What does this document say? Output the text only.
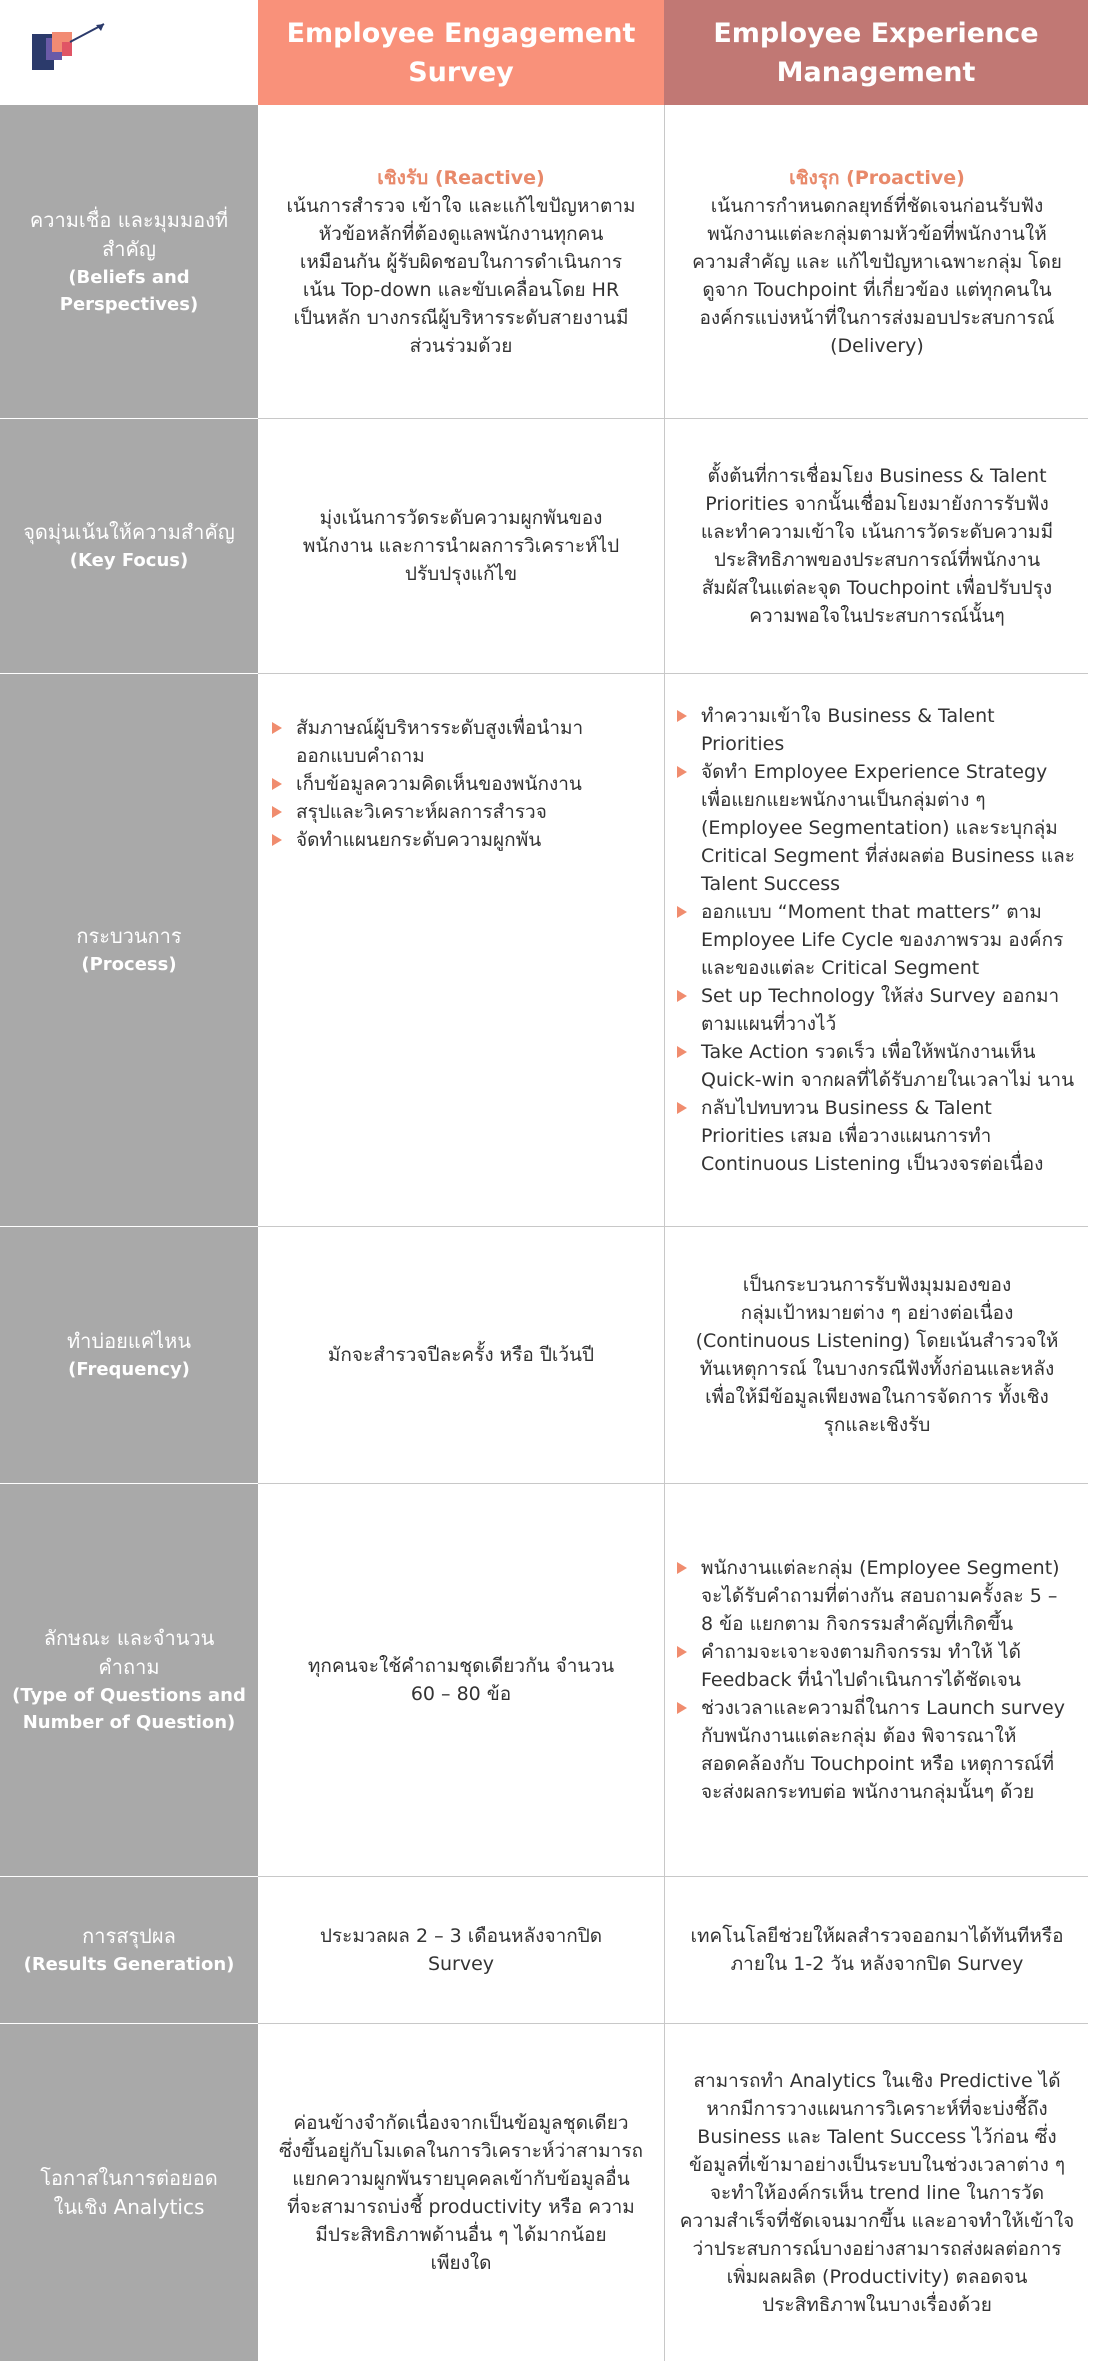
Employee Engagement
Survey
Employee Experience
Management
ความเชื่อ และมุมมองที่
สำคัญ
(Beliefs and
Perspectives)
เชิงรับ (Reactive)
เน้นการสำรวจ เข้าใจ และแก้ไขปัญหาตาม
หัวข้อหลักที่ต้องดูแลพนักงานทุกคน
เหมือนกัน ผู้รับผิดชอบในการดำเนินการ
เน้น Top-down และขับเคลื่อนโดย HR
เป็นหลัก บางกรณีผู้บริหารระดับสายงานมี
ส่วนร่วมด้วย
เชิงรุก (Proactive)
เน้นการกำหนดกลยุทธ์ที่ชัดเจนก่อนรับฟัง
พนักงานแต่ละกลุ่มตามหัวข้อที่พนักงานให้
ความสำคัญ และ แก้ไขปัญหาเฉพาะกลุ่ม โดย
ดูจาก Touchpoint ที่เกี่ยวข้อง แต่ทุกคนใน
องค์กรแบ่งหน้าที่ในการส่งมอบประสบการณ์
(Delivery)
จุดมุ่นเน้นให้ความสำคัญ
(Key Focus)
มุ่งเน้นการวัดระดับความผูกพันของ
พนักงาน และการนำผลการวิเคราะห์ไป
ปรับปรุงแก้ไข
ตั้งต้นที่การเชื่อมโยง Business & Talent
Priorities จากนั้นเชื่อมโยงมายังการรับฟัง
และทำความเข้าใจ เน้นการวัดระดับความมี
ประสิทธิภาพของประสบการณ์ที่พนักงาน
สัมผัสในแต่ละจุด Touchpoint เพื่อปรับปรุง
ความพอใจในประสบการณ์นั้นๆ
กระบวนการ
(Process)
สัมภาษณ์ผู้บริหารระดับสูงเพื่อนำมา ออกแบบคำถาม
เก็บข้อมูลความคิดเห็นของพนักงาน
สรุปและวิเคราะห์ผลการสำรวจ
จัดทำแผนยกระดับความผูกพัน
ทำความเข้าใจ Business & Talent Priorities
จัดทำ Employee Experience Strategy เพื่อแยกแยะพนักงานเป็นกลุ่มต่าง ๆ (Employee Segmentation) และระบุกลุ่ม Critical Segment ที่ส่งผลต่อ Business และ Talent Success
ออกแบบ “Moment that matters” ตาม Employee Life Cycle ของภาพรวม องค์กร และของแต่ละ Critical Segment
Set up Technology ให้ส่ง Survey ออกมาตามแผนที่วางไว้
Take Action รวดเร็ว เพื่อให้พนักงานเห็น Quick-win จากผลที่ได้รับภายในเวลาไม่ นาน
กลับไปทบทวน Business & Talent Priorities เสมอ เพื่อวางแผนการทำ Continuous Listening เป็นวงจรต่อเนื่อง
ทำบ่อยแค่ไหน
(Frequency)
มักจะสำรวจปีละครั้ง หรือ ปีเว้นปี
เป็นกระบวนการรับฟังมุมมองของ
กลุ่มเป้าหมายต่าง ๆ อย่างต่อเนื่อง
(Continuous Listening) โดยเน้นสำรวจให้
ทันเหตุการณ์ ในบางกรณีฟังทั้งก่อนและหลัง
เพื่อให้มีข้อมูลเพียงพอในการจัดการ ทั้งเชิง
รุกและเชิงรับ
ลักษณะ และจำนวน
คำถาม
(Type of Questions and
Number of Question)
ทุกคนจะใช้คำถามชุดเดียวกัน จำนวน
60 – 80 ข้อ
พนักงานแต่ละกลุ่ม (Employee Segment) จะได้รับคำถามที่ต่างกัน สอบถามครั้งละ 5 – 8 ข้อ แยกตาม กิจกรรมสำคัญที่เกิดขึ้น
คำถามจะเจาะจงตามกิจกรรม ทำให้ ได้ Feedback ที่นำไปดำเนินการได้ชัดเจน
ช่วงเวลาและความถี่ในการ Launch survey กับพนักงานแต่ละกลุ่ม ต้อง พิจารณาให้สอดคล้องกับ Touchpoint หรือ เหตุการณ์ที่จะส่งผลกระทบต่อ พนักงานกลุ่มนั้นๆ ด้วย
การสรุปผล
(Results Generation)
ประมวลผล 2 – 3 เดือนหลังจากปิด
Survey
เทคโนโลยีช่วยให้ผลสำรวจออกมาได้ทันทีหรือ
ภายใน 1-2 วัน หลังจากปิด Survey
โอกาสในการต่อยอด
ในเชิง Analytics
ค่อนข้างจำกัดเนื่องจากเป็นข้อมูลชุดเดียว
ซึ่งขึ้นอยู่กับโมเดลในการวิเคราะห์ว่าสามารถ
แยกความผูกพันรายบุคคลเข้ากับข้อมูลอื่น
ที่จะสามารถบ่งชี้ productivity หรือ ความ
มีประสิทธิภาพด้านอื่น ๆ ได้มากน้อย
เพียงใด
สามารถทำ Analytics ในเชิง Predictive ได้
หากมีการวางแผนการวิเคราะห์ที่จะบ่งชี้ถึง
Business และ Talent Success ไว้ก่อน ซึ่ง
ข้อมูลที่เข้ามาอย่างเป็นระบบในช่วงเวลาต่าง ๆ
จะทำให้องค์กรเห็น trend line ในการวัด
ความสำเร็จที่ชัดเจนมากขึ้น และอาจทำให้เข้าใจ
ว่าประสบการณ์บางอย่างสามารถส่งผลต่อการ
เพิ่มผลผลิต (Productivity) ตลอดจน
ประสิทธิภาพในบางเรื่องด้วย
